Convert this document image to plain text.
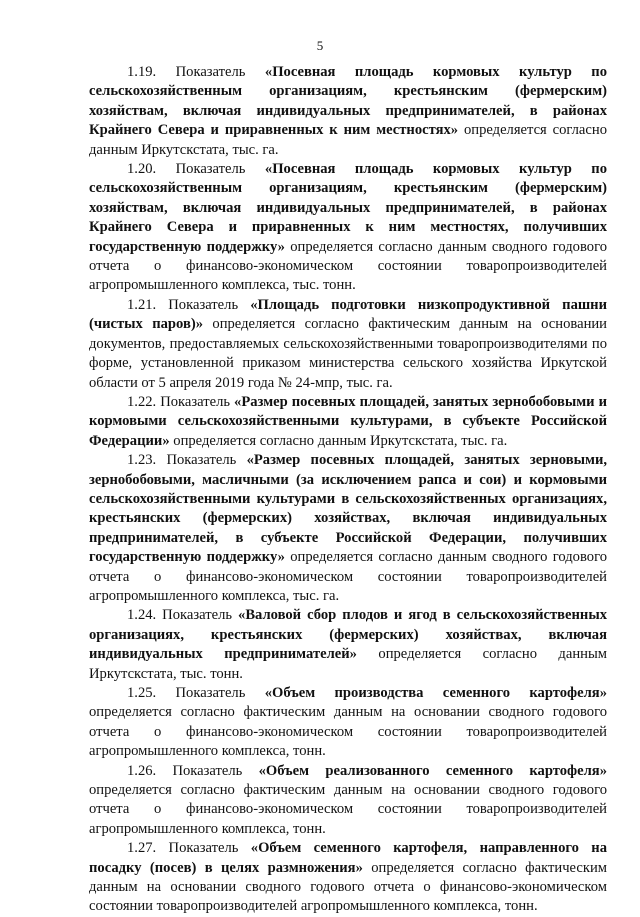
5

1.19. Показатель «Посевная площадь кормовых культур по сельскохозяйственным организациям, крестьянским (фермерским) хозяйствам, включая индивидуальных предпринимателей, в районах Крайнего Севера и приравненных к ним местностях» определяется согласно данным Иркутскстата, тыс. га.

1.20. Показатель «Посевная площадь кормовых культур по сельскохозяйственным организациям, крестьянским (фермерским) хозяйствам, включая индивидуальных предпринимателей, в районах Крайнего Севера и приравненных к ним местностях, получивших государственную поддержку» определяется согласно данным сводного годового отчета о финансово-экономическом состоянии товаропроизводителей агропромышленного комплекса, тыс. тонн.

1.21. Показатель «Площадь подготовки низкопродуктивной пашни (чистых паров)» определяется согласно фактическим данным на основании документов, предоставляемых сельскохозяйственными товаропроизводителями по форме, установленной приказом министерства сельского хозяйства Иркутской области от 5 апреля 2019 года № 24-мпр, тыс. га.

1.22. Показатель «Размер посевных площадей, занятых зернобобовыми и кормовыми сельскохозяйственными культурами, в субъекте Российской Федерации» определяется согласно данным Иркутскстата, тыс. га.

1.23. Показатель «Размер посевных площадей, занятых зерновыми, зернобобовыми, масличными (за исключением рапса и сои) и кормовыми сельскохозяйственными культурами в сельскохозяйственных организациях, крестьянских (фермерских) хозяйствах, включая индивидуальных предпринимателей, в субъекте Российской Федерации, получивших государственную поддержку» определяется согласно данным сводного годового отчета о финансово-экономическом состоянии товаропроизводителей агропромышленного комплекса, тыс. га.

1.24. Показатель «Валовой сбор плодов и ягод в сельскохозяйственных организациях, крестьянских (фермерских) хозяйствах, включая индивидуальных предпринимателей» определяется согласно данным Иркутскстата, тыс. тонн.

1.25. Показатель «Объем производства семенного картофеля» определяется согласно фактическим данным на основании сводного годового отчета о финансово-экономическом состоянии товаропроизводителей агропромышленного комплекса, тонн.

1.26. Показатель «Объем реализованного семенного картофеля» определяется согласно фактическим данным на основании сводного годового отчета о финансово-экономическом состоянии товаропроизводителей агропромышленного комплекса, тонн.

1.27. Показатель «Объем семенного картофеля, направленного на посадку (посев) в целях размножения» определяется согласно фактическим данным на основании сводного годового отчета о финансово-экономическом состоянии товаропроизводителей агропромышленного комплекса, тонн.
